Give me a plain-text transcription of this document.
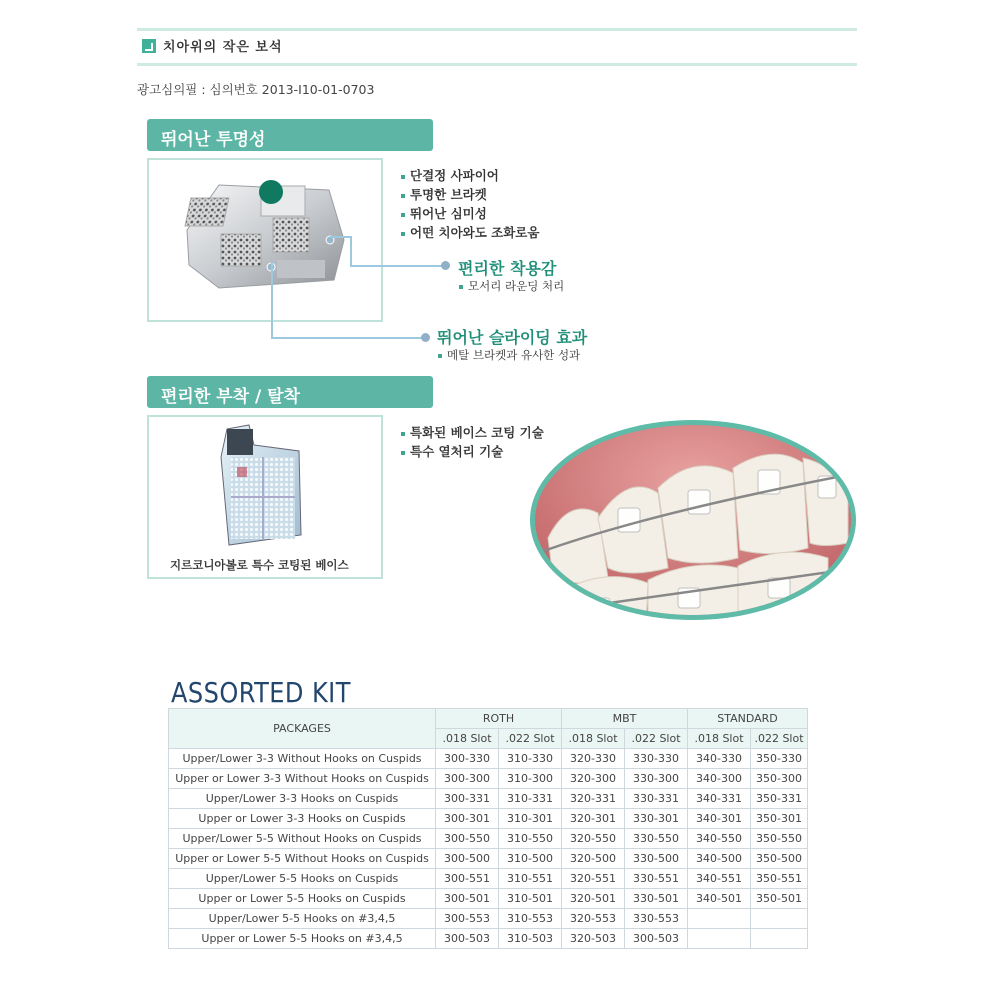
치아위의 작은 보석
광고심의필 : 심의번호 2013-I10-01-0703
뛰어난 투명성
단결정 사파이어
투명한 브라켓
뛰어난 심미성
어떤 치아와도 조화로움
편리한 착용감
모서리 라운딩 처리
뛰어난 슬라이딩 효과
메탈 브라켓과 유사한 성과
편리한 부착 / 탈착
지르코니아볼로 특수 코팅된 베이스
특화된 베이스 코팅 기술
특수 열처리 기술
ASSORTED KIT
PACKAGES	ROTH		MBT		STANDARD	
	.018 Slot	.022 Slot	.018 Slot	.022 Slot	.018 Slot	.022 Slot
Upper/Lower 3-3 Without Hooks on Cuspids	300-330	310-330	320-330	330-330	340-330	350-330
Upper or Lower 3-3 Without Hooks on Cuspids	300-300	310-300	320-300	330-300	340-300	350-300
Upper/Lower 3-3 Hooks on Cuspids	300-331	310-331	320-331	330-331	340-331	350-331
Upper or Lower 3-3 Hooks on Cuspids	300-301	310-301	320-301	330-301	340-301	350-301
Upper/Lower 5-5 Without Hooks on Cuspids	300-550	310-550	320-550	330-550	340-550	350-550
Upper or Lower 5-5 Without Hooks on Cuspids	300-500	310-500	320-500	330-500	340-500	350-500
Upper/Lower 5-5 Hooks on Cuspids	300-551	310-551	320-551	330-551	340-551	350-551
Upper or Lower 5-5 Hooks on Cuspids	300-501	310-501	320-501	330-501	340-501	350-501
Upper/Lower 5-5 Hooks on #3,4,5	300-553	310-553	320-553	330-553		
Upper or Lower 5-5 Hooks on #3,4,5	300-503	310-503	320-503	300-503		
